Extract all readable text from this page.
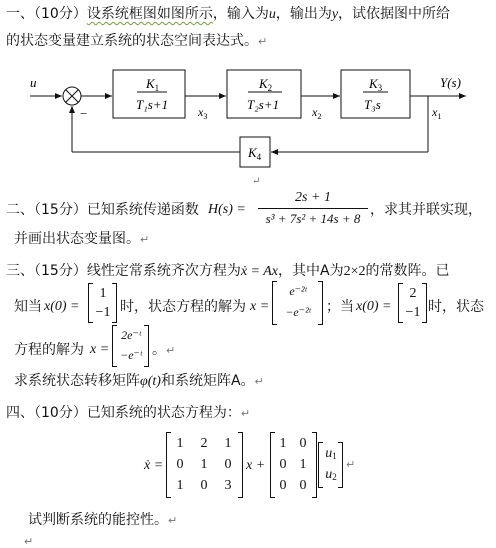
一、（10分）设系统框图如图所示，输入为u，输出为y，试依据图中所给
的状态变量建立系统的状态空间表达式。↵
u
−
$K_1$
T₁s+1
$K_2$
T₂s+1
$K_3$
T₃s
$K_4$
$x_3$	$x_2$	$x_1$
Y(s)
↵
二、（15分）已知系统传递函数 H(s) =
2s + 1
s³ + 7s² + 14s + 8
，求其并联实现，
并画出状态变量图。↵
三、（15分）线性定常系统齐次方程为ẋ = Ax，其中A为2×2的常数阵。已
知当 x(0) =
1
−1 时，状态方程的解为 x =
e⁻²ᵗ
−e⁻²ᵗ	；当 x(0) =
2
−1 时，状态
方程的解为 x =
2e⁻ᵗ
−e⁻ᵗ 。↵
求系统状态转移矩阵φ(t)和系统矩阵A。↵
四、（10分）已知系统的状态方程为：↵
ẋ =
1	2	1
0	1	0
1	0	3
x +
1 0
0 1
0 0
u1
u2
↵
试判断系统的能控性。↵
↵
